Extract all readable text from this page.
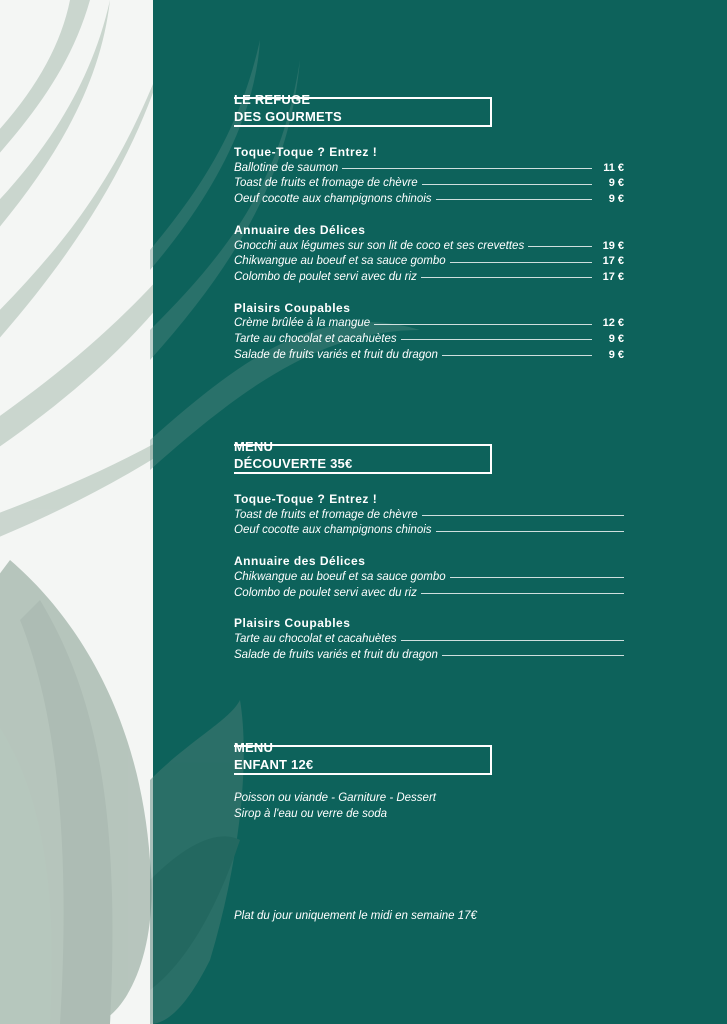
LE REFUGE
DES GOURMETS
Toque-Toque ? Entrez !
Ballotine de saumon	11 €
Toast de fruits et fromage de chèvre	9 €
Oeuf cocotte aux champignons chinois	9 €
Annuaire des Délices
Gnocchi aux légumes sur son lit de coco et ses crevettes	19 €
Chikwangue au boeuf et sa sauce gombo	17 €
Colombo de poulet servi avec du riz	17 €
Plaisirs Coupables
Crème brûlée à la mangue	12 €
Tarte au chocolat et cacahuètes	9 €
Salade de fruits variés et fruit du dragon	9 €
MENU
DÉCOUVERTE 35€
Toque-Toque ? Entrez !
Toast de fruits et fromage de chèvre
Oeuf cocotte aux champignons chinois
Annuaire des Délices
Chikwangue au boeuf et sa sauce gombo
Colombo de poulet servi avec du riz
Plaisirs Coupables
Tarte au chocolat et cacahuètes
Salade de fruits variés et fruit du dragon
MENU
ENFANT 12€
Poisson ou viande - Garniture - Dessert
Sirop à l'eau ou verre de soda
Plat du jour uniquement le midi en semaine 17€
